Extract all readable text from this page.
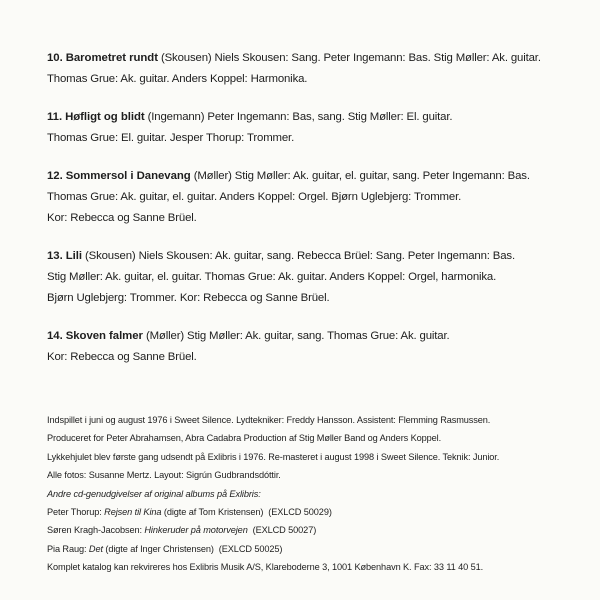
10. Barometret rundt (Skousen) Niels Skousen: Sang. Peter Ingemann: Bas. Stig Møller: Ak. guitar.

Thomas Grue: Ak. guitar. Anders Koppel: Harmonika.

11. Høfligt og blidt (Ingemann) Peter Ingemann: Bas, sang. Stig Møller: El. guitar.

Thomas Grue: El. guitar. Jesper Thorup: Trommer.

12. Sommersol i Danevang (Møller) Stig Møller: Ak. guitar, el. guitar, sang. Peter Ingemann: Bas.

Thomas Grue: Ak. guitar, el. guitar. Anders Koppel: Orgel. Bjørn Uglebjerg: Trommer.

Kor: Rebecca og Sanne Brüel.

13. Lili (Skousen) Niels Skousen: Ak. guitar, sang. Rebecca Brüel: Sang. Peter Ingemann: Bas.

Stig Møller: Ak. guitar, el. guitar. Thomas Grue: Ak. guitar. Anders Koppel: Orgel, harmonika.

Bjørn Uglebjerg: Trommer. Kor: Rebecca og Sanne Brüel.

14. Skoven falmer (Møller) Stig Møller: Ak. guitar, sang. Thomas Grue: Ak. guitar.

Kor: Rebecca og Sanne Brüel.

Indspillet i juni og august 1976 i Sweet Silence. Lydtekniker: Freddy Hansson. Assistent: Flemming Rasmussen.

Produceret for Peter Abrahamsen, Abra Cadabra Production af Stig Møller Band og Anders Koppel.

Lykkehjulet blev første gang udsendt på Exlibris i 1976. Re-masteret i august 1998 i Sweet Silence. Teknik: Junior.

Alle fotos: Susanne Mertz. Layout: Sigrún Gudbrandsdóttir.

Andre cd-genudgivelser af original albums på Exlibris:

Peter Thorup: Rejsen til Kina (digte af Tom Kristensen) (EXLCD 50029)

Søren Kragh-Jacobsen: Hinkeruder på motorvejen (EXLCD 50027)

Pia Raug: Det (digte af Inger Christensen) (EXLCD 50025)

Komplet katalog kan rekvireres hos Exlibris Musik A/S, Klareboderne 3, 1001 København K. Fax: 33 11 40 51.
